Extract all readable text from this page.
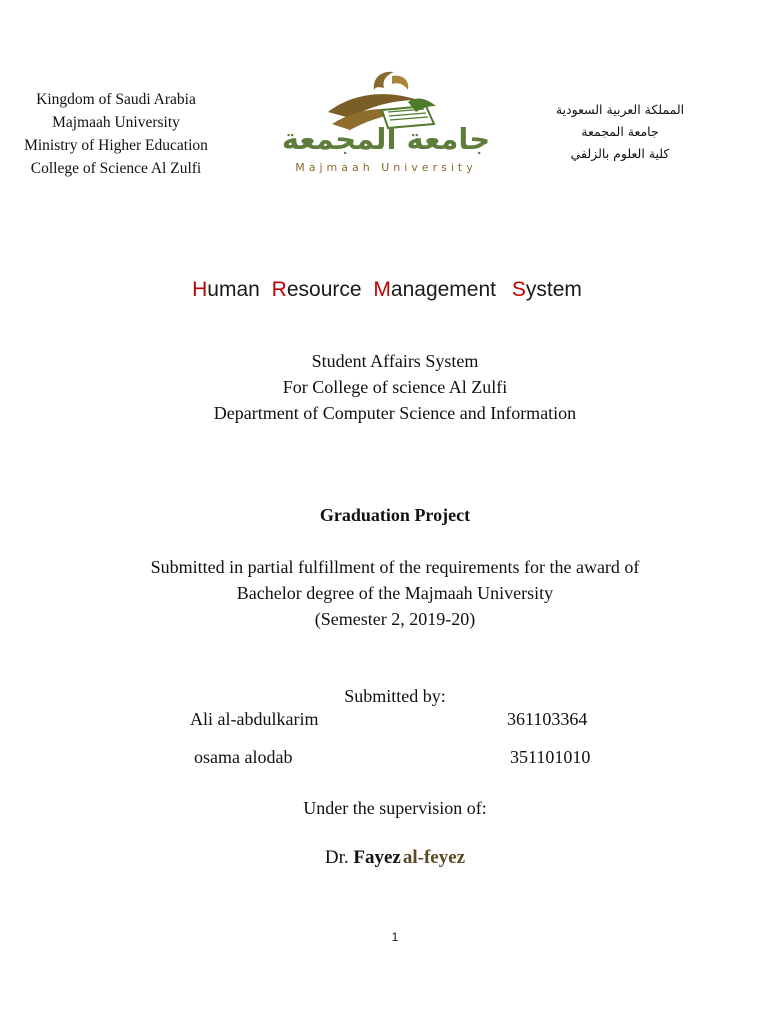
Kingdom of Saudi Arabia
Majmaah University
Ministry of Higher Education
College of Science Al Zulfi
جامعة المجمعة
Majmaah University
المملكة العربية السعودية
جامعة المجمعة
كلية العلوم بالزلفي
Human Resource Management System
Student Affairs System
For College of science Al Zulfi
Department of Computer Science and Information
Graduation Project
Submitted in partial fulfillment of the requirements for the award of
Bachelor degree of the Majmaah University
(Semester 2, 2019-20)
Submitted by:
Ali al-abdulkarim	361103364
osama alodab	351101010
Under the supervision of:
Dr. Fayez al-feyez
1
